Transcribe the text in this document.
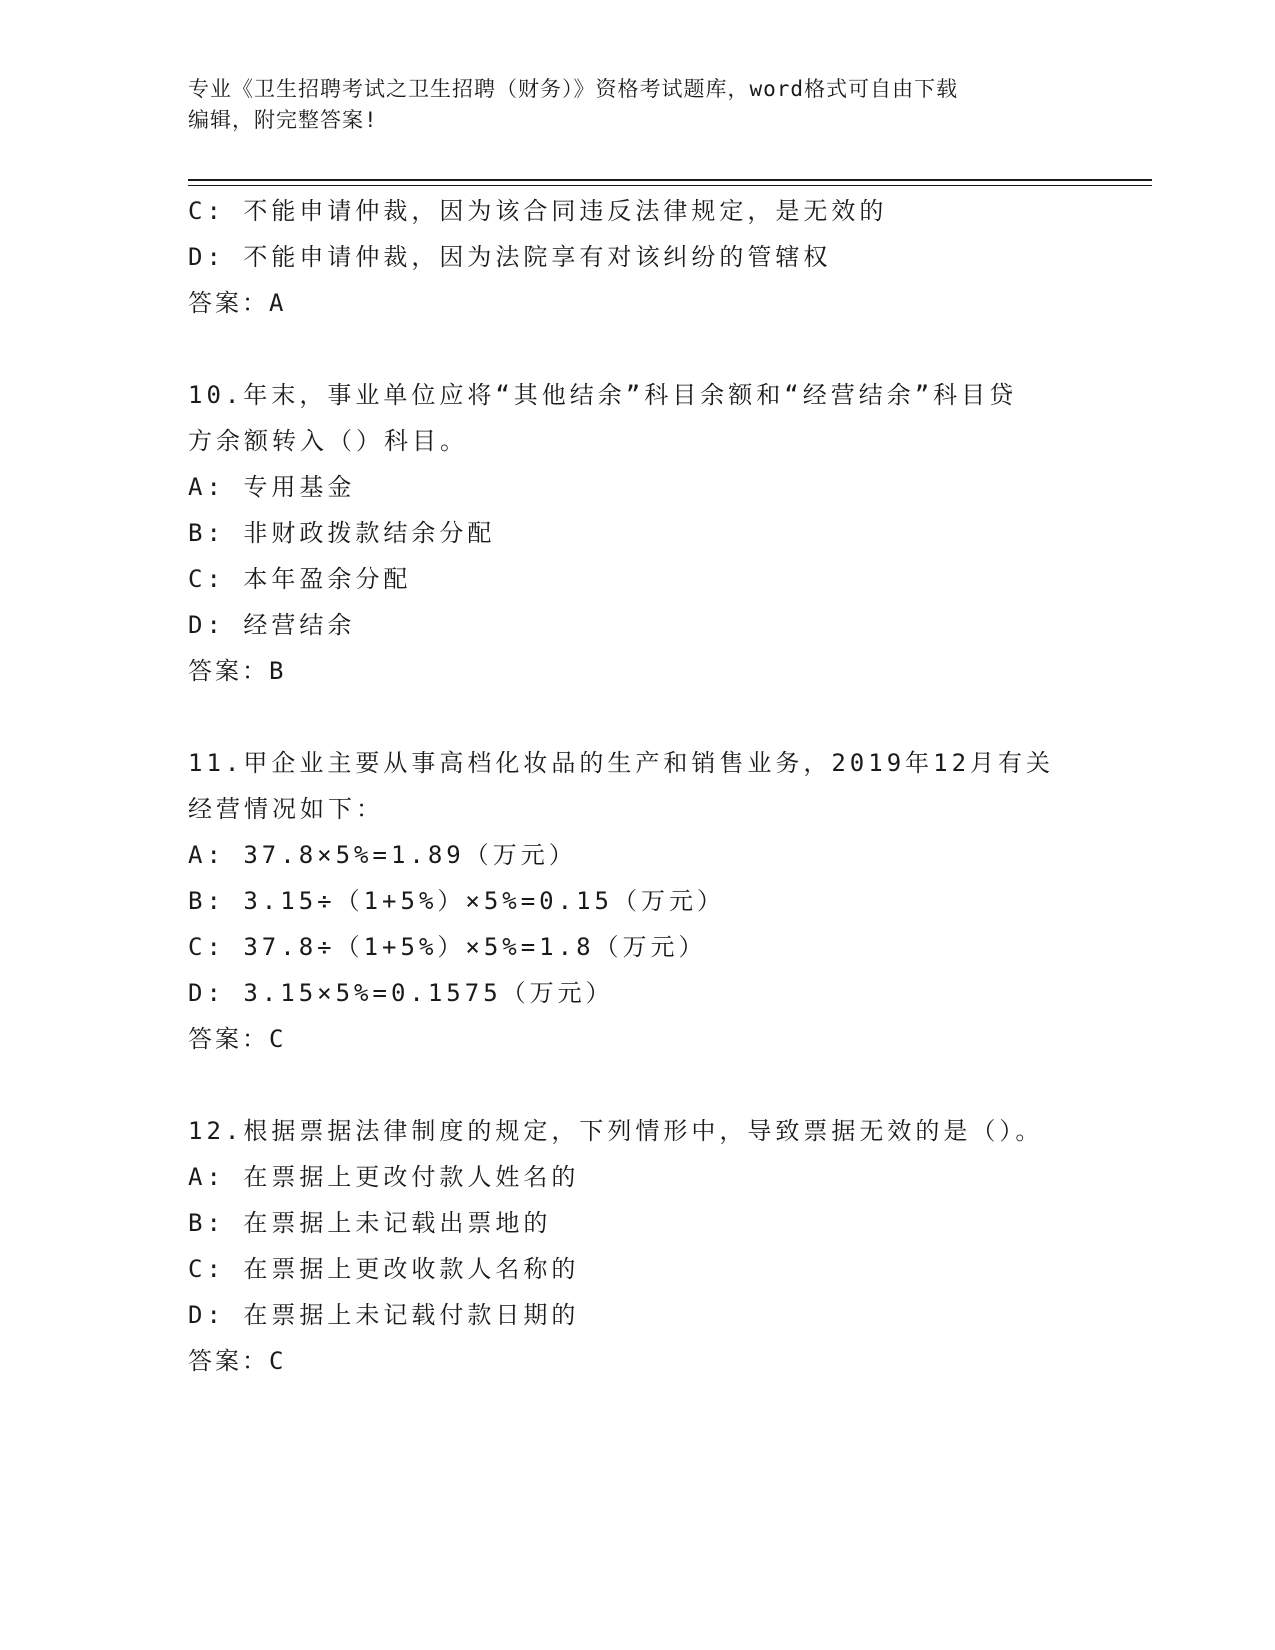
专业《卫生招聘考试之卫生招聘（财务）》资格考试题库，word格式可自由下载
编辑，附完整答案!
C: 不能申请仲裁，因为该合同违反法律规定，是无效的
D: 不能申请仲裁，因为法院享有对该纠纷的管辖权
答案：A
10.年末，事业单位应将“其他结余”科目余额和“经营结余”科目贷
方余额转入（）科目。
A: 专用基金
B: 非财政拨款结余分配
C: 本年盈余分配
D: 经营结余
答案：B
11.甲企业主要从事高档化妆品的生产和销售业务，2019年12月有关
经营情况如下：
A: 37.8×5%=1.89（万元）
B: 3.15÷（1+5%）×5%=0.15（万元）
C: 37.8÷（1+5%）×5%=1.8（万元）
D: 3.15×5%=0.1575（万元）
答案：C
12.根据票据法律制度的规定，下列情形中，导致票据无效的是（）。
A: 在票据上更改付款人姓名的
B: 在票据上未记载出票地的
C: 在票据上更改收款人名称的
D: 在票据上未记载付款日期的
答案：C
